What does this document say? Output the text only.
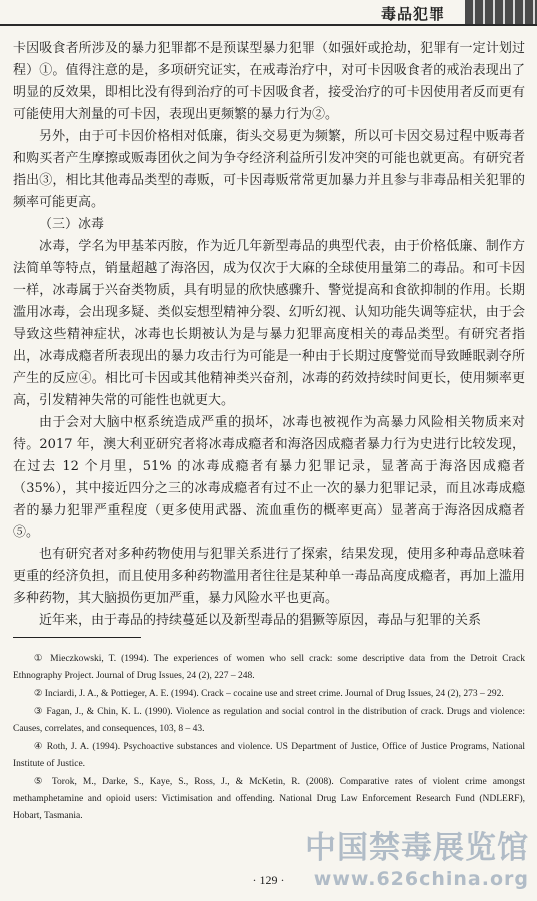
毒品犯罪

卡因吸食者所涉及的暴力犯罪都不是预谋型暴力犯罪（如强奸或抢劫，犯罪有一定计划过程）①。值得注意的是，多项研究证实，在戒毒治疗中，对可卡因吸食者的戒治表现出了明显的反效果，即相比没有得到治疗的可卡因吸食者，接受治疗的可卡因使用者反而更有可能使用大剂量的可卡因，表现出更频繁的暴力行为②。

另外，由于可卡因价格相对低廉，街头交易更为频繁，所以可卡因交易过程中贩毒者和购买者产生摩擦或贩毒团伙之间为争夺经济利益所引发冲突的可能也就更高。有研究者指出③，相比其他毒品类型的毒贩，可卡因毒贩常常更加暴力并且参与非毒品相关犯罪的频率可能更高。

（三）冰毒

冰毒，学名为甲基苯丙胺，作为近几年新型毒品的典型代表，由于价格低廉、制作方法简单等特点，销量超越了海洛因，成为仅次于大麻的全球使用量第二的毒品。和可卡因一样，冰毒属于兴奋类物质，具有明显的欣快感骤升、警觉提高和食欲抑制的作用。长期滥用冰毒，会出现多疑、类似妄想型精神分裂、幻听幻视、认知功能失调等症状，由于会导致这些精神症状，冰毒也长期被认为是与暴力犯罪高度相关的毒品类型。有研究者指出，冰毒成瘾者所表现出的暴力攻击行为可能是一种由于长期过度警觉而导致睡眠剥夺所产生的反应④。相比可卡因或其他精神类兴奋剂，冰毒的药效持续时间更长，使用频率更高，引发精神失常的可能性也就更大。

由于会对大脑中枢系统造成严重的损坏，冰毒也被视作为高暴力风险相关物质来对待。2017 年，澳大利亚研究者将冰毒成瘾者和海洛因成瘾者暴力行为史进行比较发现，在过去 12 个月里，51% 的冰毒成瘾者有暴力犯罪记录，显著高于海洛因成瘾者（35%），其中接近四分之三的冰毒成瘾者有过不止一次的暴力犯罪记录，而且冰毒成瘾者的暴力犯罪严重程度（更多使用武器、流血重伤的概率更高）显著高于海洛因成瘾者⑤。

也有研究者对多种药物使用与犯罪关系进行了探索，结果发现，使用多种毒品意味着更重的经济负担，而且使用多种药物滥用者往往是某种单一毒品高度成瘾者，再加上滥用多种药物，其大脑损伤更加严重，暴力风险水平也更高。

近年来，由于毒品的持续蔓延以及新型毒品的猖獗等原因，毒品与犯罪的关系

① Mieczkowski, T. (1994). The experiences of women who sell crack: some descriptive data from the Detroit Crack Ethnography Project. Journal of Drug Issues, 24 (2), 227 – 248.

② Inciardi, J. A., & Pottieger, A. E. (1994). Crack – cocaine use and street crime. Journal of Drug Issues, 24 (2), 273 – 292.

③ Fagan, J., & Chin, K. L. (1990). Violence as regulation and social control in the distribution of crack. Drugs and violence: Causes, correlates, and consequences, 103, 8 – 43.

④ Roth, J. A. (1994). Psychoactive substances and violence. US Department of Justice, Office of Justice Programs, National Institute of Justice.

⑤ Torok, M., Darke, S., Kaye, S., Ross, J., & McKetin, R. (2008). Comparative rates of violent crime amongst methamphetamine and opioid users: Victimisation and offending. National Drug Law Enforcement Research Fund (NDLERF), Hobart, Tasmania.

中国禁毒展览馆
www.626china.org
· 129 ·
